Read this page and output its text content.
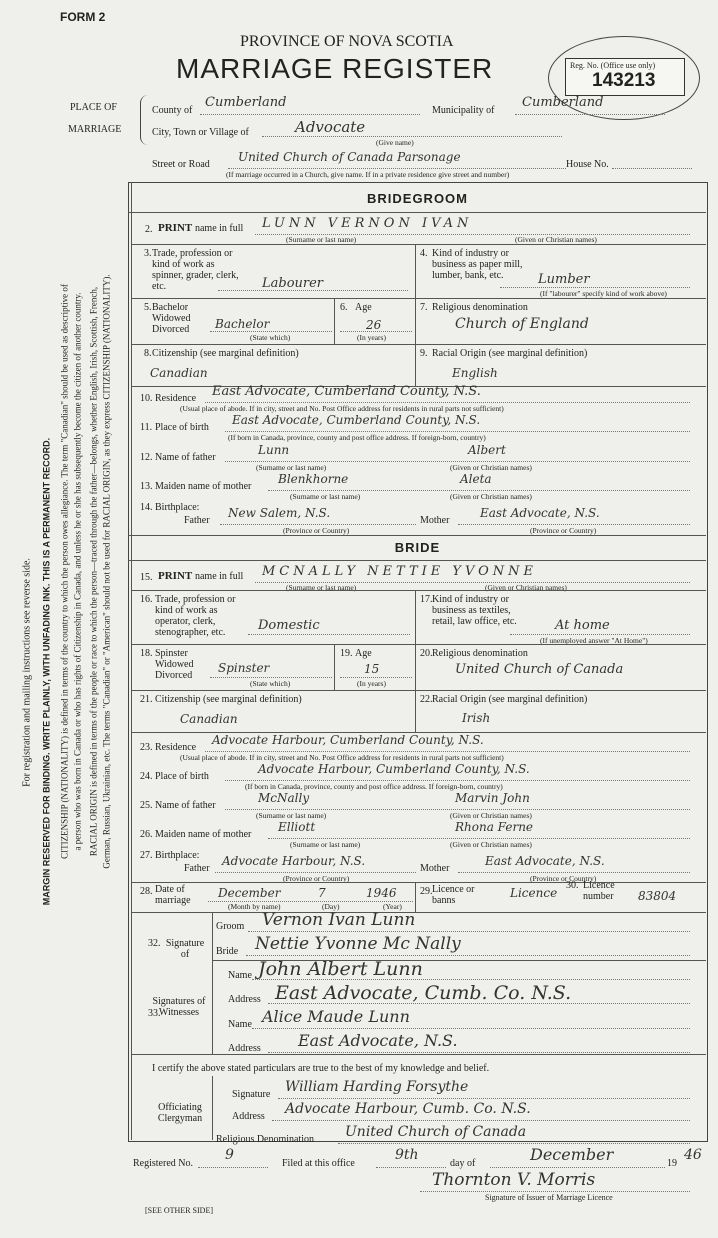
FORM 2
PROVINCE OF NOVA SCOTIA
MARRIAGE REGISTER	Reg. No. (Office use only)
143213
PLACE OF
MARRIAGE
County of
Cumberland
Municipality of
Cumberland
City, Town or Village of	Advocate
(Give name)
Street or Road
United Church of Canada Parsonage
House No.
(If marriage occurred in a Church, give name. If in a private residence give street and number)
For registration and mailing instructions see reverse side. MARGIN RESERVED FOR BINDING. WRITE PLAINLY, WITH UNFADING INK. THIS IS A PERMANENT RECORD. CITIZENSHIP (NATIONALITY) is defined in terms of the country to which the person owes allegiance. The term "Canadian" should be used as descriptive of a person who was born in Canada or who has rights of Citizenship in Canada, and unless he or she has subsequently become the citizen of another country. RACIAL ORIGIN is defined in terms of the people or race to which the person—traced through the father—belongs, whether English, Irish, Scottish, French, German, Russian, Ukrainian, etc. The terms "Canadian" or "American" should not be used for RACIAL ORIGIN, as they express CITIZENSHIP (NATIONALITY).
BRIDEGROOM
2. PRINT name in full LUNN VERNON IVAN
(Surname or last name)	(Given or Christian names)
3. Trade, profession or kind of work as spinner, grader, clerk, etc.	Labourer
4. Kind of industry or business as paper mill, lumber, bank, etc.	Lumber
(If "labourer" specify kind of work above)
5. Bachelor Widowed Divorced	Bachelor
(State which)
6. Age
26
(In years)
7. Religious denomination
Church of England
8. Citizenship (see marginal definition)
Canadian
9. Racial Origin (see marginal definition)
English
10. Residence East Advocate, Cumberland County, N.S.
(Usual place of abode. If in city, street and No. Post Office address for residents in rural parts not sufficient)
11. Place of birth
East Advocate, Cumberland County, N.S.
(If born in Canada, province, county and post office address. If foreign-born, country)
12. Name of father
Lunn	Albert
(Surname or last name)	(Given or Christian names)
13. Maiden name of mother
Blenkhorne	Aleta
(Surname or last name)	(Given or Christian names)
14. Birthplace:
Father
New Salem, N.S.
Mother
East Advocate, N.S.
(Province or Country)	(Province or Country)
BRIDE
15. PRINT name in full MCNALLY NETTIE YVONNE
(Surname or last name)	(Given or Christian names)
16. Trade, profession or kind of work as operator, clerk, stenographer, etc.	Domestic
17. Kind of industry or business as textiles, retail, law office, etc.	At home
(If unemployed answer "At Home")
18. Spinster Widowed Divorced
Spinster
(State which)
19. Age
15
(In years)
20. Religious denomination
United Church of Canada
21. Citizenship (see marginal definition)
Canadian
22. Racial Origin (see marginal definition)
Irish
23. Residence
Advocate Harbour, Cumberland County, N.S.
(Usual place of abode. If in city, street and No. Post Office address for residents in rural parts not sufficient)
24. Place of birth
Advocate Harbour, Cumberland County, N.S.
(If born in Canada, province, county and post office address. If foreign-born, country)
25. Name of father
McNally	Marvin John
(Surname or last name)	(Given or Christian names)
26. Maiden name of mother
Elliott	Rhona Ferne
(Surname or last name)	(Given or Christian names)
27. Birthplace:
Father
Advocate Harbour, N.S.
Mother
East Advocate, N.S.
(Province or Country)	(Province or Country)
28. Date of marriage
December	7	1946
(Month by name)	(Day)	(Year)
29. Licence or banns
Licence
30. Licence number	83804
32. Signature of
Groom Vernon Ivan Lunn
Bride Nettie Yvonne Mc Nally
33.
Signatures of Witnesses
Name John Albert Lunn
Address East Advocate, Cumb. Co. N.S.
Name Alice Maude Lunn
Address East Advocate, N.S.
I certify the above stated particulars are true to the best of my knowledge and belief.
Officiating Clergyman
Signature William Harding Forsythe
Address Advocate Harbour, Cumb. Co. N.S.
Religious Denomination United Church of Canada
Registered No.
9
Filed at this office
9th
day of	December	19
46
Thornton V. Morris
Signature of Issuer of Marriage Licence
[SEE OTHER SIDE]
